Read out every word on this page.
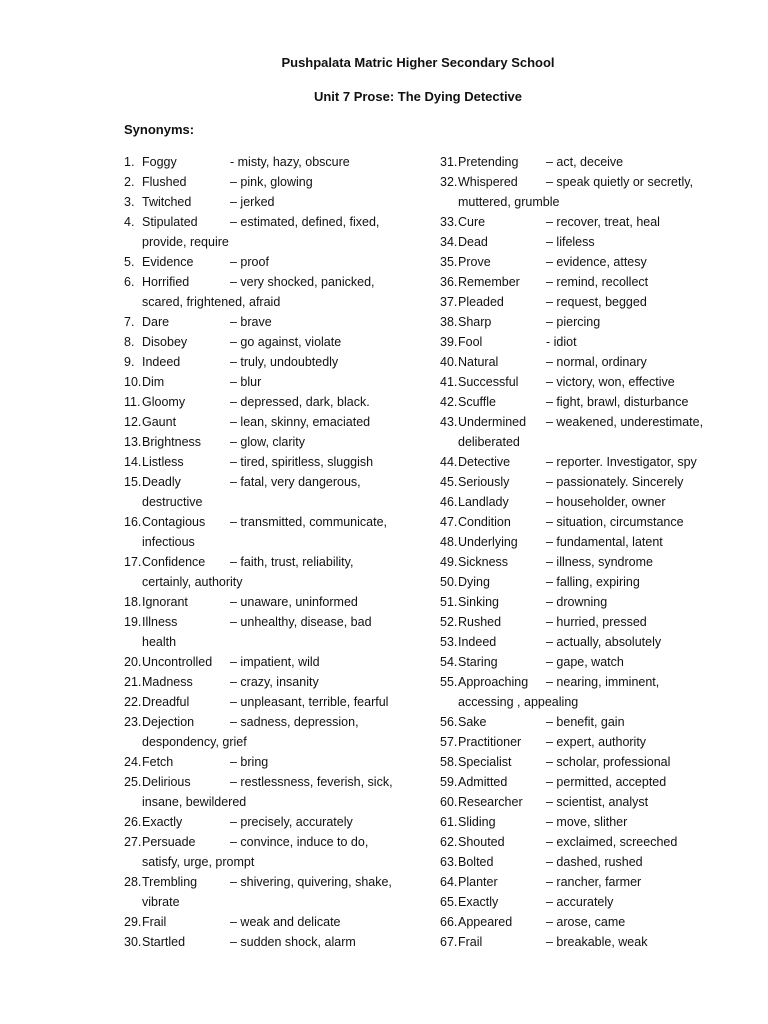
Pushpalata Matric Higher Secondary School
Unit 7 Prose: The Dying Detective
Synonyms:
1. Foggy	- misty, hazy, obscure
2. Flushed	– pink, glowing
3. Twitched	– jerked
4. Stipulated	– estimated, defined, fixed,
provide, require
5. Evidence	– proof
6. Horrified	– very shocked, panicked,
scared, frightened, afraid
7. Dare	– brave
8. Disobey	– go against, violate
9. Indeed	– truly, undoubtedly
10. Dim	– blur
11. Gloomy	– depressed, dark, black.
12. Gaunt	– lean, skinny, emaciated
13. Brightness – glow, clarity
14. Listless	– tired, spiritless, sluggish
15. Deadly	– fatal, very dangerous,
destructive
16. Contagious – transmitted, communicate,
infectious
17. Confidence – faith, trust, reliability,
certainly, authority
18. Ignorant	– unaware, uninformed
19. Illness	– unhealthy, disease, bad
health
20. Uncontrolled – impatient, wild
21. Madness	– crazy, insanity
22. Dreadful	– unpleasant, terrible, fearful
23. Dejection	– sadness, depression,
despondency, grief
24. Fetch	– bring
25. Delirious	– restlessness, feverish, sick,
insane, bewildered
26. Exactly	– precisely, accurately
27. Persuade	– convince, induce to do,
satisfy, urge, prompt
28. Trembling	– shivering, quivering, shake,
vibrate
29. Frail	– weak and delicate
30. Startled	– sudden shock, alarm
31. Pretending – act, deceive
32. Whispered – speak quietly or secretly,
muttered, grumble
33. Cure	– recover, treat, heal
34. Dead	– lifeless
35. Prove	– evidence, attesy
36. Remember – remind, recollect
37. Pleaded	– request, begged
38. Sharp	– piercing
39. Fool	- idiot
40. Natural	– normal, ordinary
41. Successful – victory, won, effective
42. Scuffle	– fight, brawl, disturbance
43. Undermined – weakened, underestimate,
deliberated
44. Detective	– reporter. Investigator, spy
45. Seriously	– passionately. Sincerely
46. Landlady	– householder, owner
47. Condition	– situation, circumstance
48. Underlying – fundamental, latent
49. Sickness	– illness, syndrome
50. Dying	– falling, expiring
51. Sinking	– drowning
52. Rushed	– hurried, pressed
53. Indeed	– actually, absolutely
54. Staring	– gape, watch
55. Approaching – nearing, imminent,
accessing , appealing
56. Sake	– benefit, gain
57. Practitioner – expert, authority
58. Specialist	– scholar, professional
59. Admitted	– permitted, accepted
60. Researcher – scientist, analyst
61. Sliding	– move, slither
62. Shouted	– exclaimed, screeched
63. Bolted	– dashed, rushed
64. Planter	– rancher, farmer
65. Exactly	– accurately
66. Appeared	– arose, came
67. Frail	– breakable, weak
